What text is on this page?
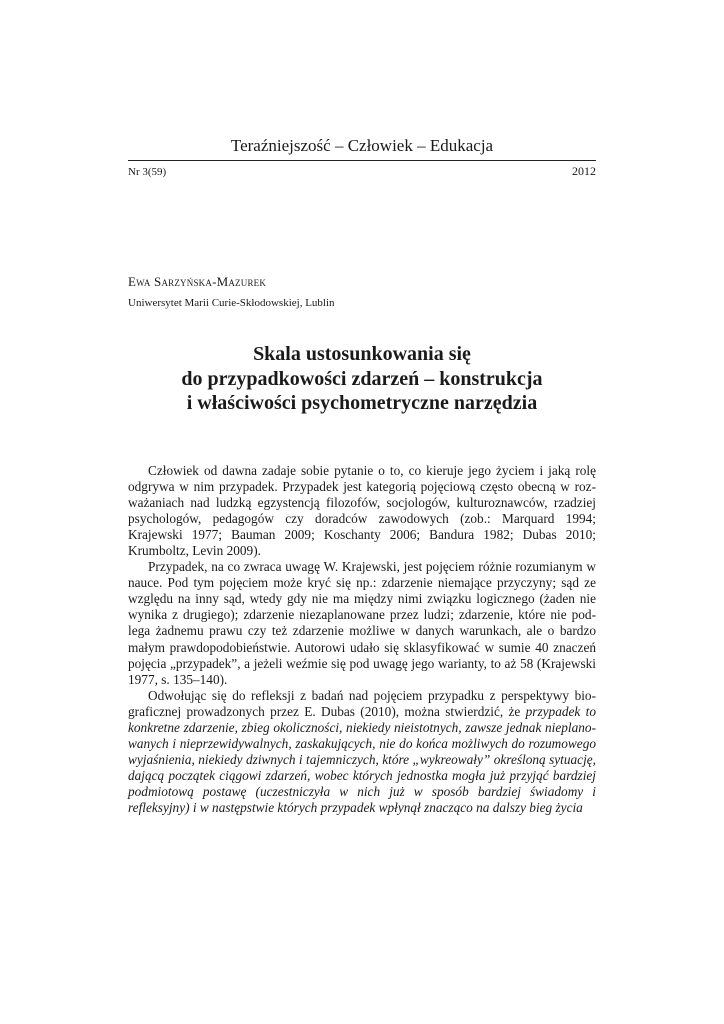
Teraźniejszość – Człowiek – Edukacja
Nr 3(59)	2012
Ewa Sarzyńska-Mazurek
Uniwersytet Marii Curie-Skłodowskiej, Lublin
Skala ustosunkowania się
do przypadkowości zdarzeń – konstrukcja
i właściwości psychometryczne narzędzia

Człowiek od dawna zadaje sobie pytanie o to, co kieruje jego życiem i jaką rolę odgrywa w nim przypadek. Przypadek jest kategorią pojęciową często obecną w rozważaniach nad ludzką egzystencją filozofów, socjologów, kulturoznawców, rzadziej psychologów, pedagogów czy doradców zawodowych (zob.: Marquard 1994; Krajewski 1977; Bauman 2009; Koschanty 2006; Bandura 1982; Dubas 2010; Krumboltz, Levin 2009).

Przypadek, na co zwraca uwagę W. Krajewski, jest pojęciem różnie rozumianym w nauce. Pod tym pojęciem może kryć się np.: zdarzenie niemające przyczyny; sąd ze względu na inny sąd, wtedy gdy nie ma między nimi związku logicznego (żaden nie wynika z drugiego); zdarzenie niezaplanowane przez ludzi; zdarzenie, które nie podlega żadnemu prawu czy też zdarzenie możliwe w danych warunkach, ale o bardzo małym prawdopodobieństwie. Autorowi udało się sklasyfikować w sumie 40 znaczeń pojęcia „przypadek”, a jeżeli weźmie się pod uwagę jego warianty, to aż 58 (Krajewski 1977, s. 135–140).

Odwołując się do refleksji z badań nad pojęciem przypadku z perspektywy biograficznej prowadzonych przez E. Dubas (2010), można stwierdzić, że przypadek to konkretne zdarzenie, zbieg okoliczności, niekiedy nieistotnych, zawsze jednak nieplanowanych i nieprzewidywalnych, zaskakujących, nie do końca możliwych do rozumowego wyjaśnienia, niekiedy dziwnych i tajemniczych, które „wykreowały” określoną sytuację, dającą początek ciągowi zdarzeń, wobec których jednostka mogła już przyjąć bardziej podmiotową postawę (uczestniczyła w nich już w sposób bardziej świadomy i refleksyjny) i w następstwie których przypadek wpłynął znacząco na dalszy bieg życia
